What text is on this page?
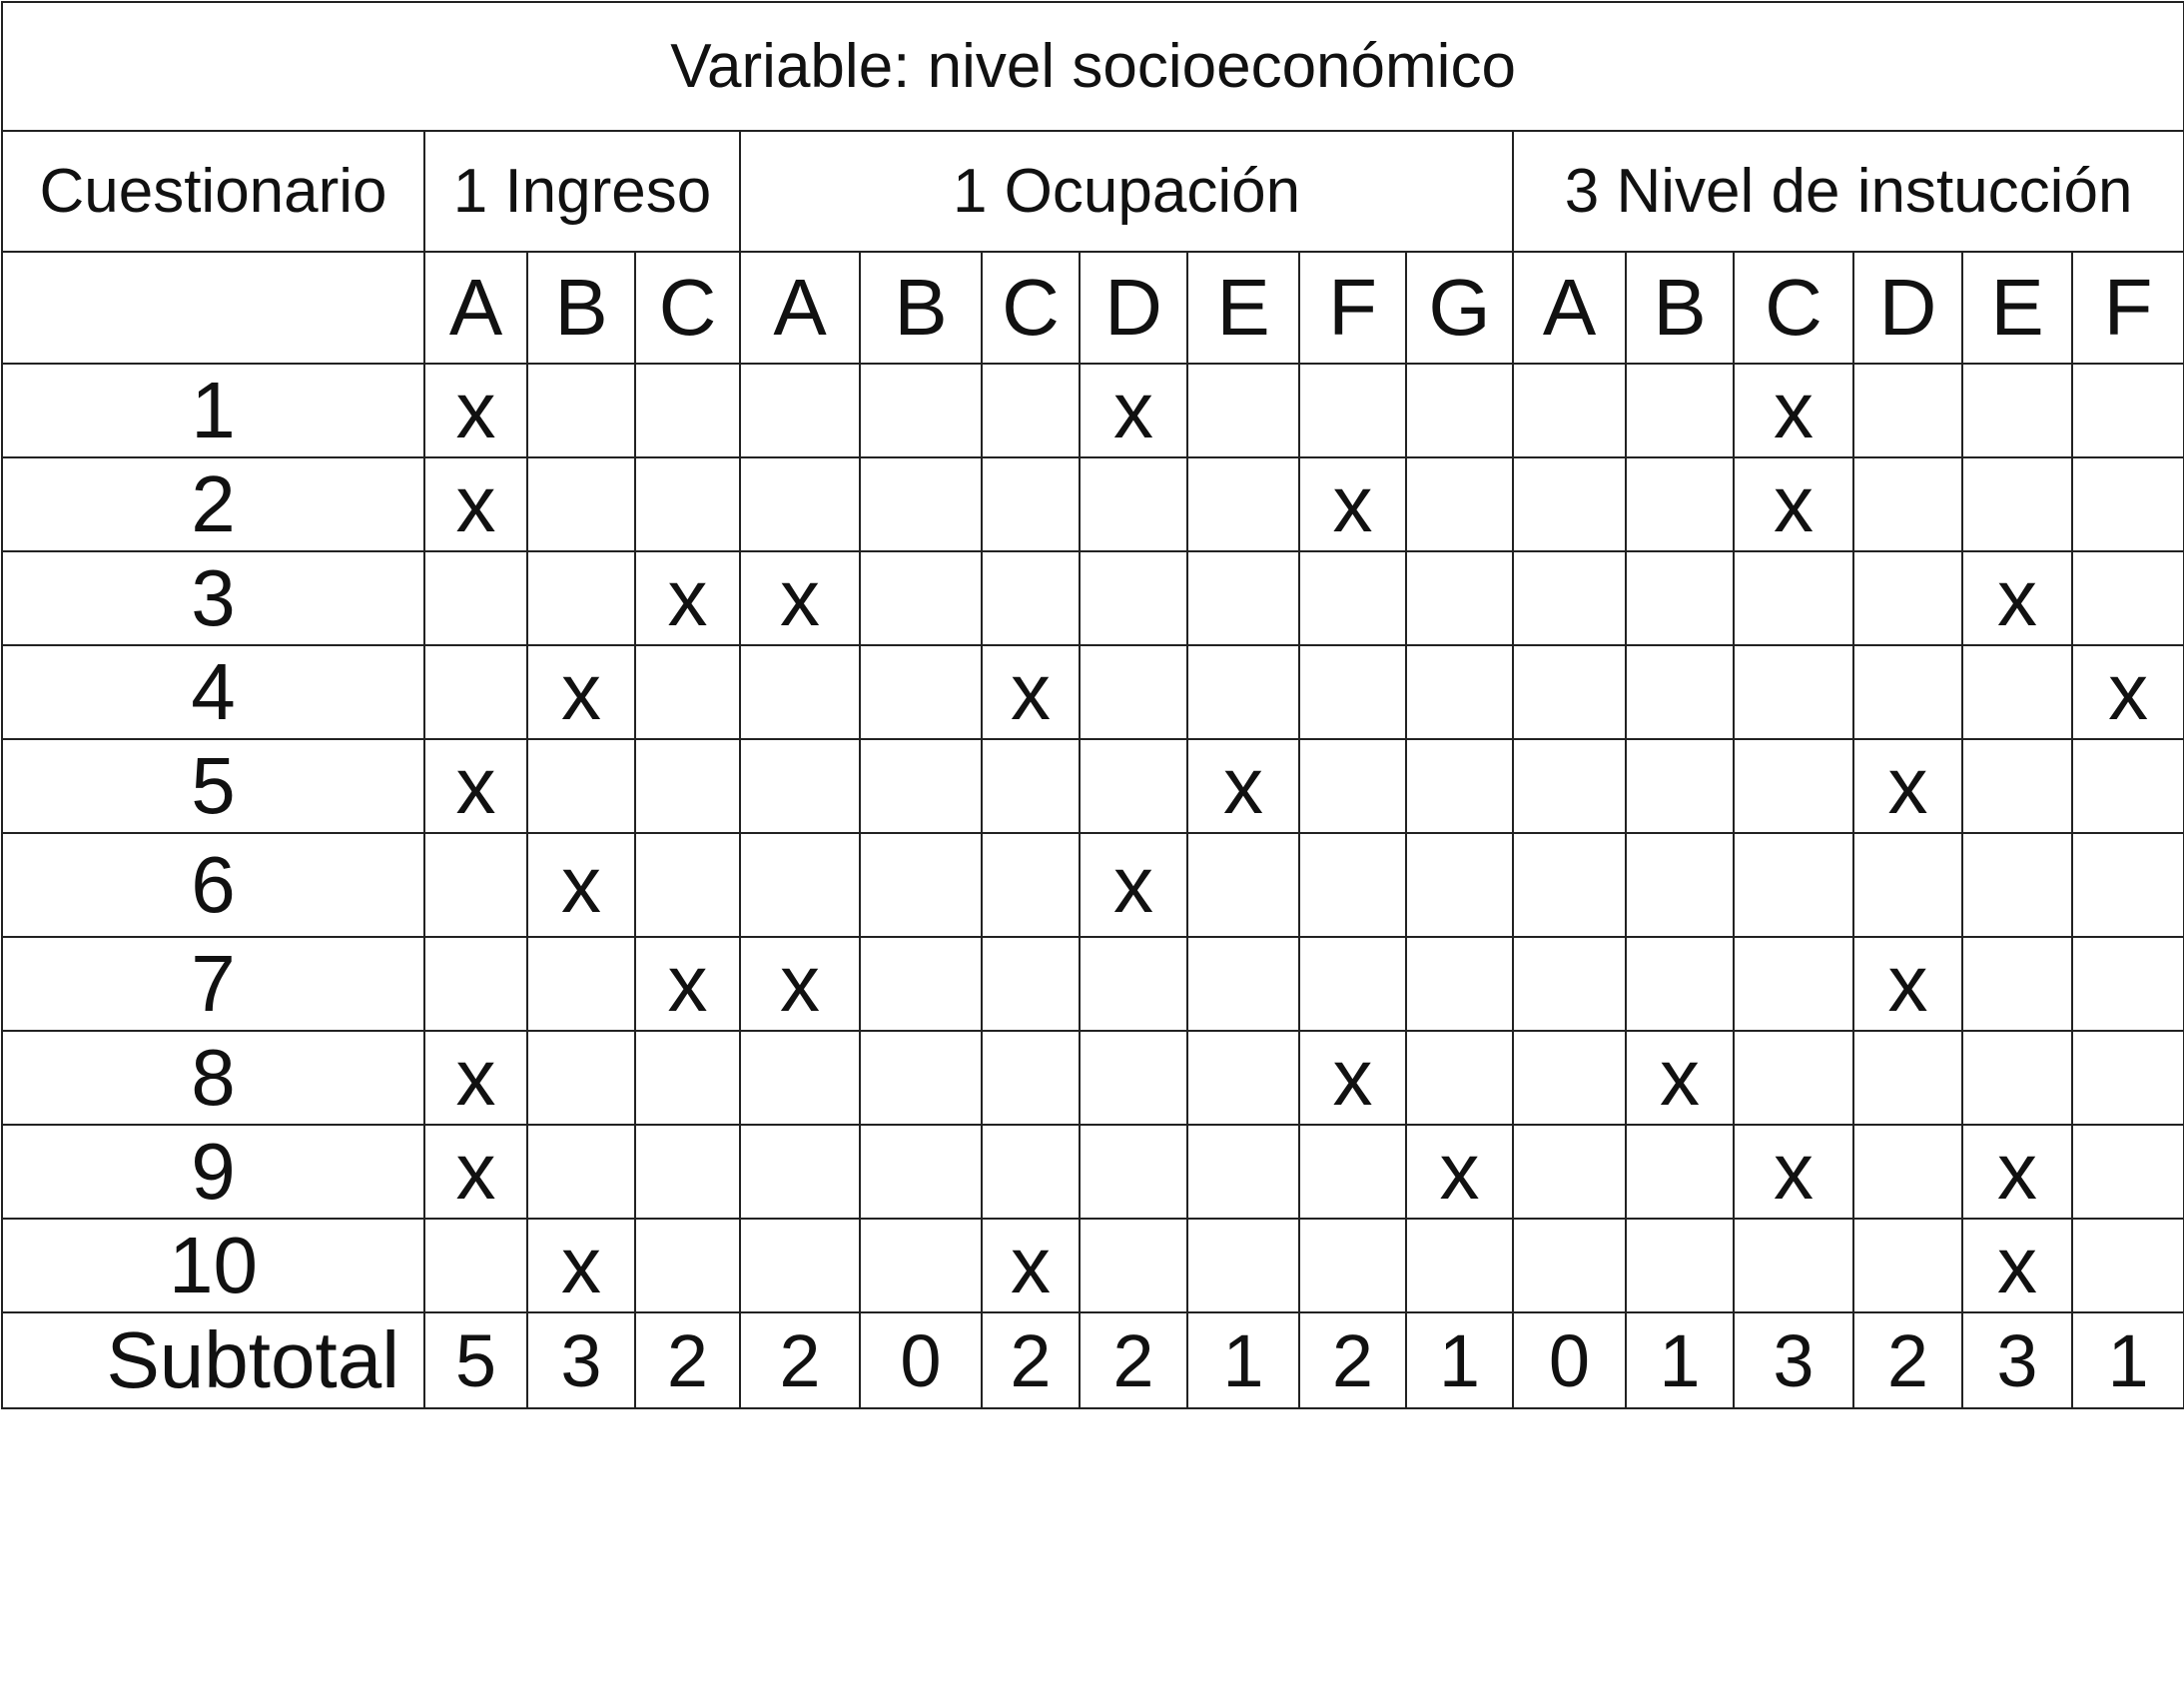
Variable: nivel socioeconómico																
Cuestionario	1 Ingreso			1 Ocupación							3 Nivel de instucción					
	A	B	C	A	B	C	D	E	F	G	A	B	C	D	E	F
1	x						x						x			
2	x								x				x			
3			x	x											x	
4		x				x										x
5	x							x						x		
6		x					x									
7			x	x										x		
8	x								x			x				
9	x									x			x		x	
10		x				x									x	
Subtotal	5	3	2	2	0	2	2	1	2	1	0	1	3	2	3	1
